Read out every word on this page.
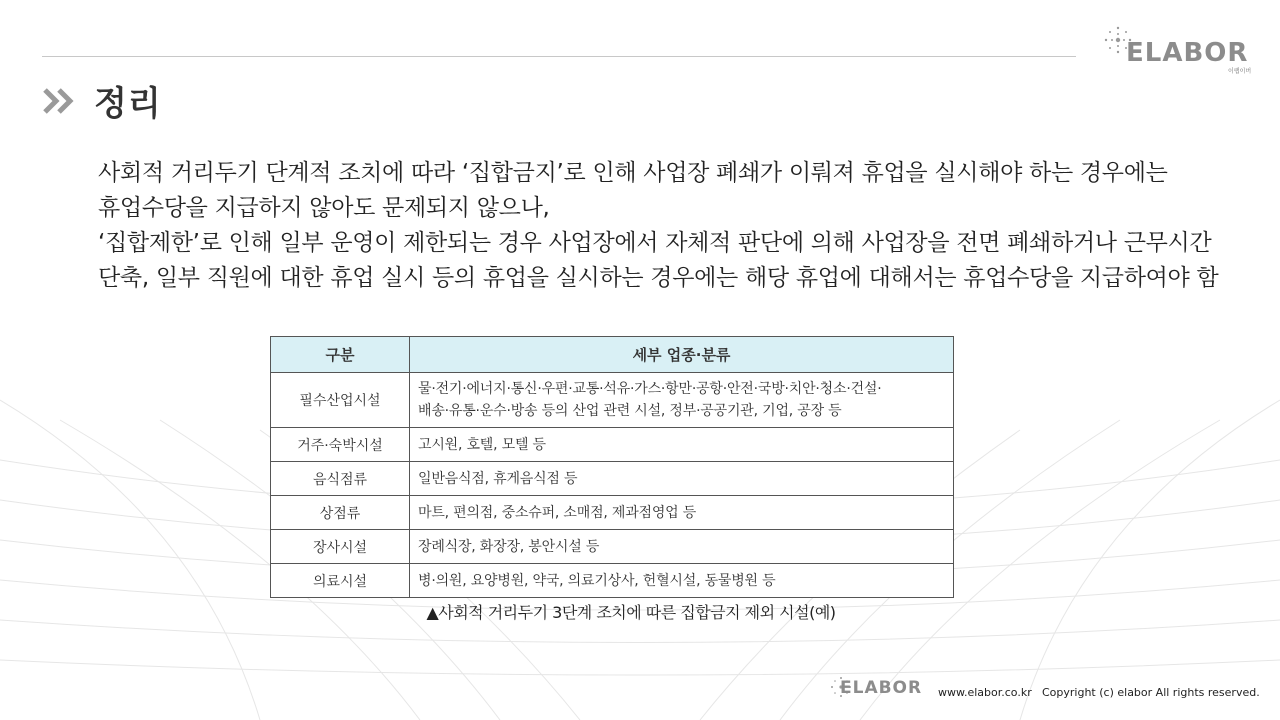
ELABOR
이랩이버
정리

사회적 거리두기 단계적 조치에 따라 ‘집합금지’로 인해 사업장 폐쇄가 이뤄져 휴업을 실시해야 하는 경우에는

휴업수당을 지급하지 않아도 문제되지 않으나,

‘집합제한’로 인해 일부 운영이 제한되는 경우 사업장에서 자체적 판단에 의해 사업장을 전면 폐쇄하거나 근무시간

단축, 일부 직원에 대한 휴업 실시 등의 휴업을 실시하는 경우에는 해당 휴업에 대해서는 휴업수당을 지급하여야 함

구분	세부 업종·분류
필수산업시설	물·전기·에너지·통신·우편·교통·석유·가스·항만·공항·안전·국방·치안·청소·건설·
배송·유통·운수·방송 등의 산업 관련 시설, 정부·공공기관, 기업, 공장 등

거주·숙박시설	고시원, 호텔, 모텔 등
음식점류	일반음식점, 휴게음식점 등
상점류	마트, 편의점, 중소슈퍼, 소매점, 제과점영업 등
장사시설	장례식장, 화장장, 봉안시설 등
의료시설	병·의원, 요양병원, 약국, 의료기상사, 헌혈시설, 동물병원 등
▲사회적 거리두기 3단계 조치에 따른 집합금지 제외 시설(예)
ELABOR www.elabor.co.kr Copyright (c) elabor All rights reserved.
